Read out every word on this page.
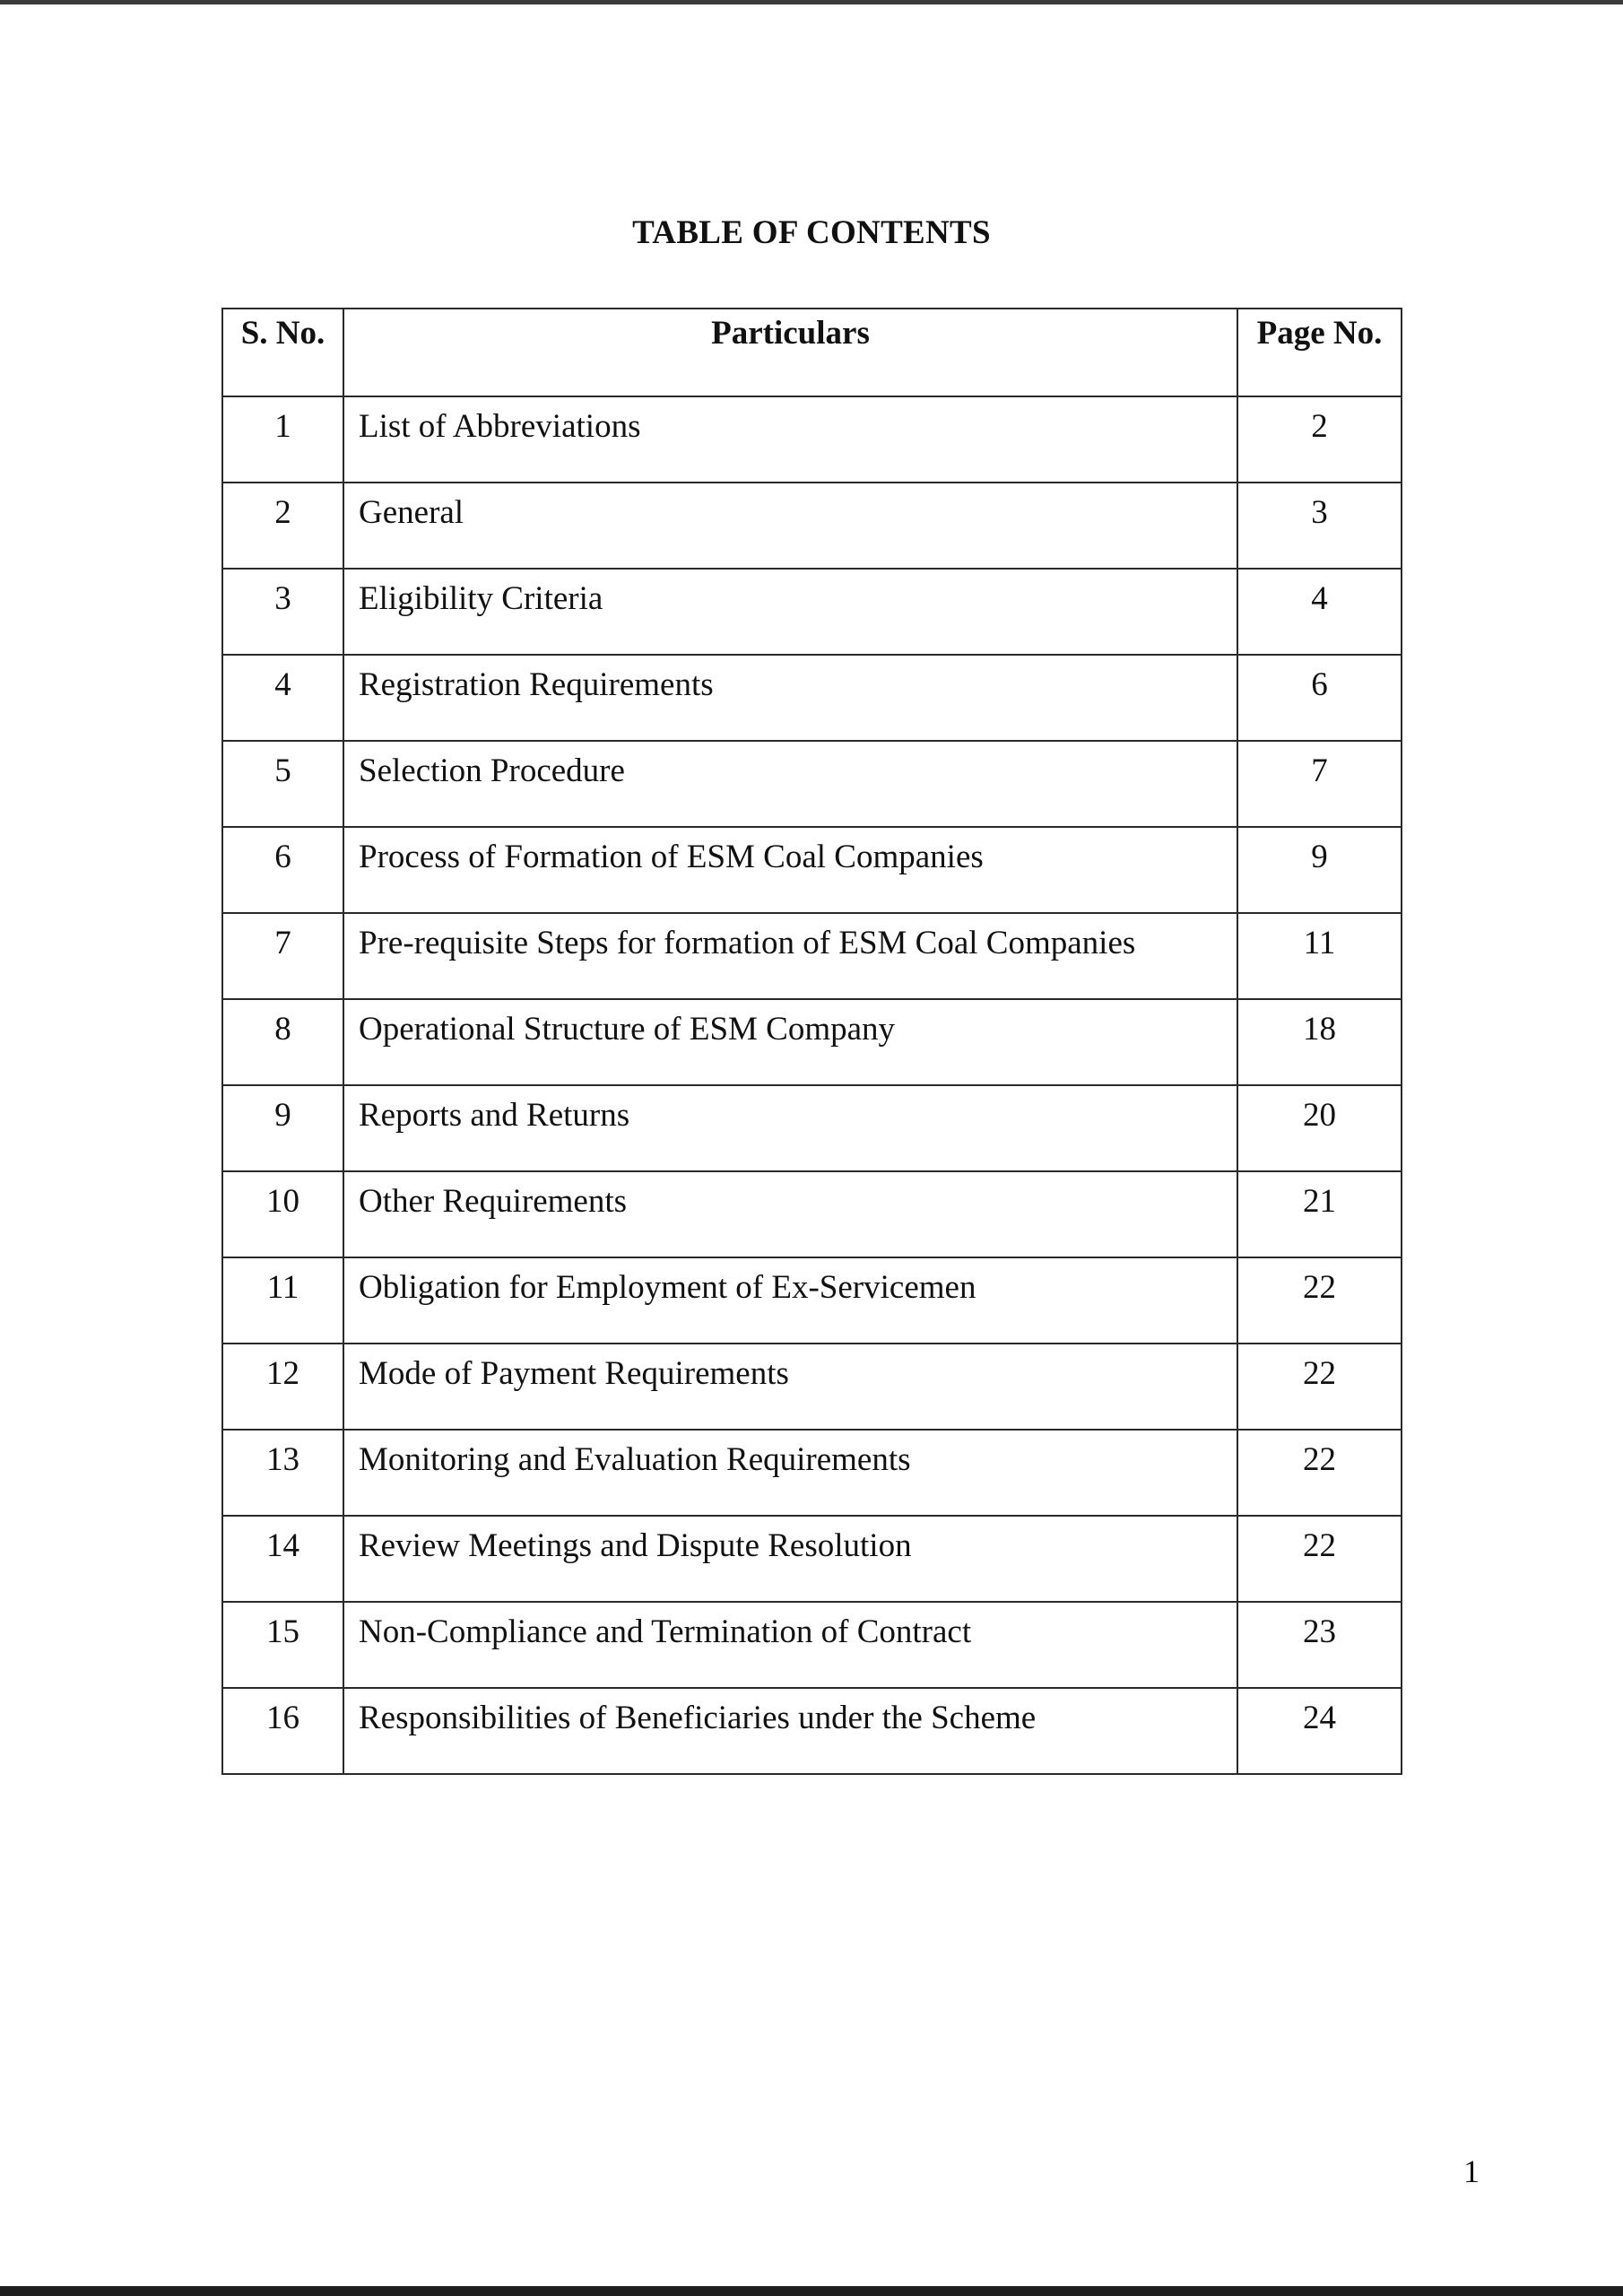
TABLE OF CONTENTS
S. No.	Particulars	Page No.
1	List of Abbreviations	2
2	General	3
3	Eligibility Criteria	4
4	Registration Requirements	6
5	Selection Procedure	7
6	Process of Formation of ESM Coal Companies	9
7	Pre-requisite Steps for formation of ESM Coal Companies	11
8	Operational Structure of ESM Company	18
9	Reports and Returns	20
10	Other Requirements	21
11	Obligation for Employment of Ex-Servicemen	22
12	Mode of Payment Requirements	22
13	Monitoring and Evaluation Requirements	22
14	Review Meetings and Dispute Resolution	22
15	Non-Compliance and Termination of Contract	23
16	Responsibilities of Beneficiaries under the Scheme	24
1
